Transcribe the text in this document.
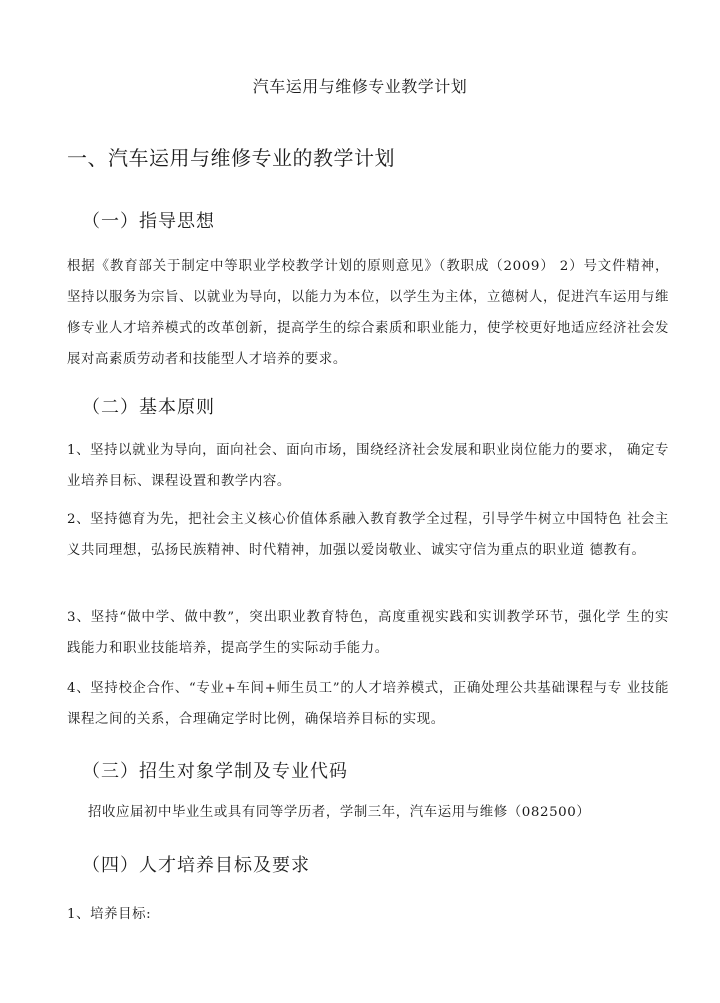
汽车运用与维修专业教学计划
一、汽车运用与维修专业的教学计划
（一）指导思想

根据《教育部关于制定中等职业学校教学计划的原则意见》（教职成（2009） 2）号文件精神，坚持以服务为宗旨、以就业为导向，以能力为本位，以学生为主体，立德树人，促进汽车运用与维修专业人才培养模式的改革创新，提高学生的综合素质和职业能力，使学校更好地适应经济社会发展对高素质劳动者和技能型人才培养的要求。

（二）基本原则

1、坚持以就业为导向，面向社会、面向市场，围绕经济社会发展和职业岗位能力的要求， 确定专业培养目标、课程设置和教学内容。

2、坚持德育为先，把社会主义核心价值体系融入教育教学全过程，引导学牛树立中国特色 社会主义共同理想，弘扬民族精神、时代精神，加强以爱岗敬业、诚实守信为重点的职业道 德教有。

3、坚持“做中学、做中教”，突出职业教育特色，高度重视实践和实训教学环节，强化学 生的实践能力和职业技能培养，提高学生的实际动手能力。

4、坚持校企合作、“专业+车间+师生员工”的人才培养模式，正确处理公共基础课程与专 业技能课程之间的关系，合理确定学时比例，确保培养目标的实现。

（三）招生对象学制及专业代码

招收应届初中毕业生或具有同等学历者，学制三年，汽车运用与维修（082500）

（四）人才培养目标及要求

1、培养目标:
